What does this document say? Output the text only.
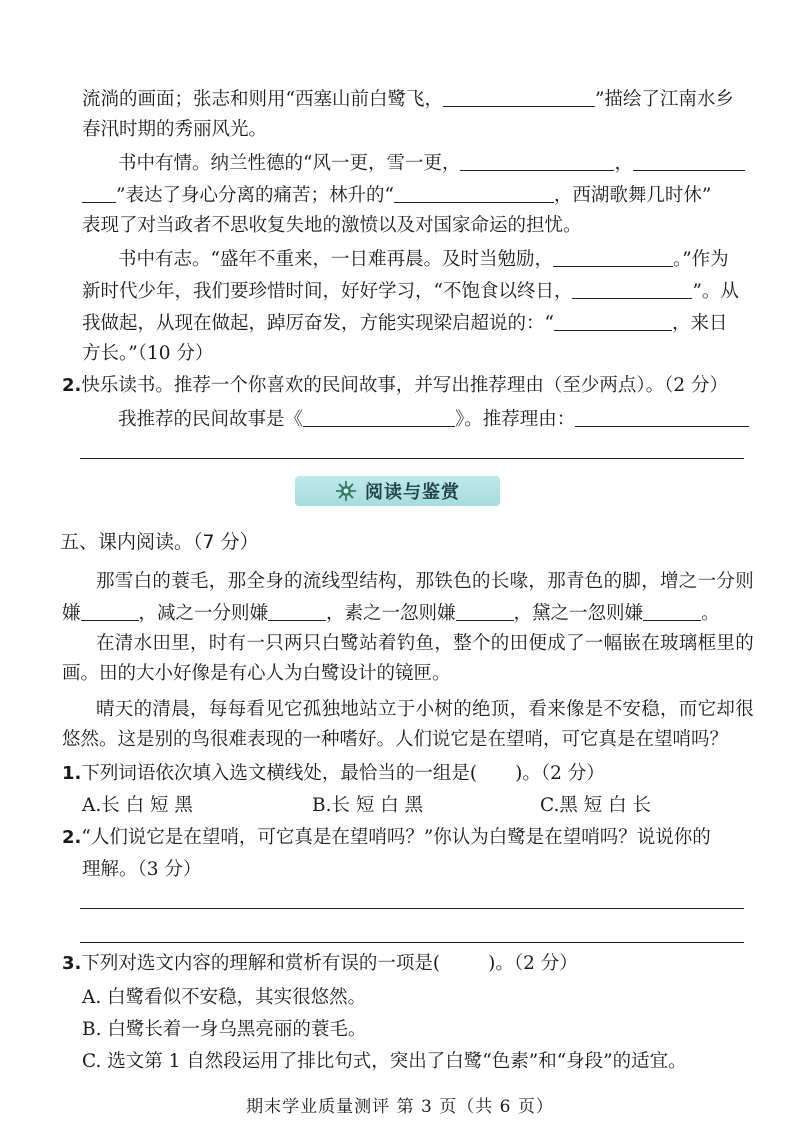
流淌的画面；张志和则用“西塞山前白鹭飞，	”描绘了江南水乡
春汛时期的秀丽风光。
书中有情。纳兰性德的“风一更，雪一更，	，
”表达了身心分离的痛苦；林升的“	，西湖歌舞几时休”
表现了对当政者不思收复失地的激愤以及对国家命运的担忧。
书中有志。“盛年不重来，一日难再晨。及时当勉励，	。”作为
新时代少年，我们要珍惜时间，好好学习，“不饱食以终日，	”。从
我做起，从现在做起，踔厉奋发，方能实现梁启超说的：“	，来日
方长。”（10 分）
2.快乐读书。推荐一个你喜欢的民间故事，并写出推荐理由（至少两点）。（2 分）
我推荐的民间故事是《	》。推荐理由：
阅读与鉴赏
五、课内阅读。（7 分）
那雪白的蓑毛，那全身的流线型结构，那铁色的长喙，那青色的脚，增之一分则
嫌	，减之一分则嫌	，素之一忽则嫌	，黛之一忽则嫌	。
在清水田里，时有一只两只白鹭站着钓鱼，整个的田便成了一幅嵌在玻璃框里的
画。田的大小好像是有心人为白鹭设计的镜匣。
晴天的清晨，每每看见它孤独地站立于小树的绝顶，看来像是不安稳，而它却很
悠然。这是别的鸟很难表现的一种嗜好。人们说它是在望哨，可它真是在望哨吗？
1.下列词语依次填入选文横线处，最恰当的一组是( )。（2 分）
A.长 白 短 黑	B.长 短 白 黑	C.黑 短 白 长
2.“人们说它是在望哨，可它真是在望哨吗？”你认为白鹭是在望哨吗？说说你的
理解。（3 分）
3.下列对选文内容的理解和赏析有误的一项是(	)。（2 分）
A. 白鹭看似不安稳，其实很悠然。
B. 白鹭长着一身乌黑亮丽的蓑毛。
C. 选文第 1 自然段运用了排比句式，突出了白鹭“色素”和“身段”的适宜。
期末学业质量测评 第 3 页（共 6 页）
